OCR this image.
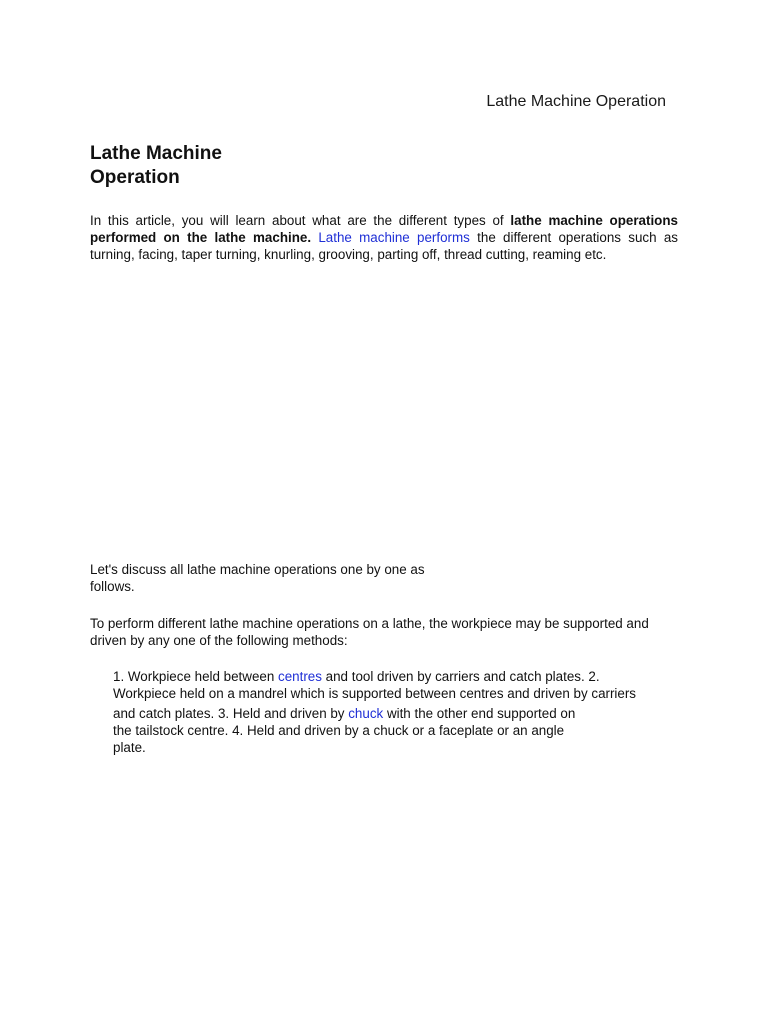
Lathe Machine Operation
Lathe Machine
Operation

In this article, you will learn about what are the different types of lathe machine operations performed on the lathe machine. Lathe machine performs the different operations such as turning, facing, taper turning, knurling, grooving, parting off, thread cutting, reaming etc.

Let's discuss all lathe machine operations one by one as follows.

To perform different lathe machine operations on a lathe, the workpiece may be supported and driven by any one of the following methods:

1. Workpiece held between centres and tool driven by carriers and catch plates. 2.
Workpiece held on a mandrel which is supported between centres and driven by carriers
and catch plates. 3. Held and driven by chuck with the other end supported on
the tailstock centre. 4. Held and driven by a chuck or a faceplate or an angle
plate.
